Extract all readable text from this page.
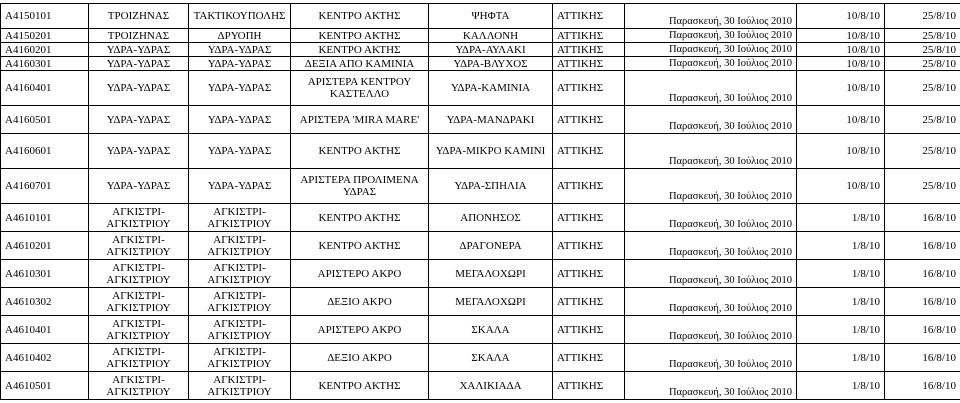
A4150101	ΤΡΟΙΖΗΝΑΣ	ΤΑΚΤΙΚΟΥΠΟΛΗΣ	ΚΕΝΤΡΟ ΑΚΤΗΣ	ΨΗΦΤΑ	ΑΤΤΙΚΗΣ	Παρασκευή, 30 Ιούλιος 2010	10/8/10	25/8/10
A4150201	ΤΡΟΙΖΗΝΑΣ	ΔΡΥΟΠΗ	ΚΕΝΤΡΟ ΑΚΤΗΣ	ΚΑΛΛΟΝΗ	ΑΤΤΙΚΗΣ	Παρασκευή, 30 Ιούλιος 2010	10/8/10	25/8/10
A4160201	ΥΔΡΑ-ΥΔΡΑΣ	ΥΔΡΑ-ΥΔΡΑΣ	ΚΕΝΤΡΟ ΑΚΤΗΣ	ΥΔΡΑ-ΑΥΛΑΚΙ	ΑΤΤΙΚΗΣ	Παρασκευή, 30 Ιούλιος 2010	10/8/10	25/8/10
A4160301	ΥΔΡΑ-ΥΔΡΑΣ	ΥΔΡΑ-ΥΔΡΑΣ	ΔΕΞΙΑ ΑΠΟ ΚΑΜΙΝΙΑ	ΥΔΡΑ-ΒΛΥΧΟΣ	ΑΤΤΙΚΗΣ	Παρασκευή, 30 Ιούλιος 2010	10/8/10	25/8/10
A4160401	ΥΔΡΑ-ΥΔΡΑΣ	ΥΔΡΑ-ΥΔΡΑΣ	ΑΡΙΣΤΕΡΑ ΚΕΝΤΡΟΥ ΚΑΣΤΕΛΛΟ	ΥΔΡΑ-ΚΑΜΙΝΙΑ	ΑΤΤΙΚΗΣ	Παρασκευή, 30 Ιούλιος 2010	10/8/10	25/8/10
A4160501	ΥΔΡΑ-ΥΔΡΑΣ	ΥΔΡΑ-ΥΔΡΑΣ	ΑΡΙΣΤΕΡΑ 'MIRA MARE'	ΥΔΡΑ-ΜΑΝΔΡΑΚΙ	ΑΤΤΙΚΗΣ	Παρασκευή, 30 Ιούλιος 2010	10/8/10	25/8/10
A4160601	ΥΔΡΑ-ΥΔΡΑΣ	ΥΔΡΑ-ΥΔΡΑΣ	ΚΕΝΤΡΟ ΑΚΤΗΣ	ΥΔΡΑ-ΜΙΚΡΟ ΚΑΜΙΝΙ	ΑΤΤΙΚΗΣ	Παρασκευή, 30 Ιούλιος 2010	10/8/10	25/8/10
A4160701	ΥΔΡΑ-ΥΔΡΑΣ	ΥΔΡΑ-ΥΔΡΑΣ	ΑΡΙΣΤΕΡΑ ΠΡΟΛΙΜΕΝΑ ΥΔΡΑΣ	ΥΔΡΑ-ΣΠΗΛΙΑ	ΑΤΤΙΚΗΣ	Παρασκευή, 30 Ιούλιος 2010	10/8/10	25/8/10
A4610101	ΑΓΚΙΣΤΡΙ-ΑΓΚΙΣΤΡΙΟΥ	ΑΓΚΙΣΤΡΙ-ΑΓΚΙΣΤΡΙΟΥ	ΚΕΝΤΡΟ ΑΚΤΗΣ	ΑΠΟΝΗΣΟΣ	ΑΤΤΙΚΗΣ	Παρασκευή, 30 Ιούλιος 2010	1/8/10	16/8/10
A4610201	ΑΓΚΙΣΤΡΙ-ΑΓΚΙΣΤΡΙΟΥ	ΑΓΚΙΣΤΡΙ-ΑΓΚΙΣΤΡΙΟΥ	ΚΕΝΤΡΟ ΑΚΤΗΣ	ΔΡΑΓΟΝΕΡΑ	ΑΤΤΙΚΗΣ	Παρασκευή, 30 Ιούλιος 2010	1/8/10	16/8/10
A4610301	ΑΓΚΙΣΤΡΙ-ΑΓΚΙΣΤΡΙΟΥ	ΑΓΚΙΣΤΡΙ-ΑΓΚΙΣΤΡΙΟΥ	ΑΡΙΣΤΕΡΟ ΑΚΡΟ	ΜΕΓΑΛΟΧΩΡΙ	ΑΤΤΙΚΗΣ	Παρασκευή, 30 Ιούλιος 2010	1/8/10	16/8/10
A4610302	ΑΓΚΙΣΤΡΙ-ΑΓΚΙΣΤΡΙΟΥ	ΑΓΚΙΣΤΡΙ-ΑΓΚΙΣΤΡΙΟΥ	ΔΕΞΙΟ ΑΚΡΟ	ΜΕΓΑΛΟΧΩΡΙ	ΑΤΤΙΚΗΣ	Παρασκευή, 30 Ιούλιος 2010	1/8/10	16/8/10
A4610401	ΑΓΚΙΣΤΡΙ-ΑΓΚΙΣΤΡΙΟΥ	ΑΓΚΙΣΤΡΙ-ΑΓΚΙΣΤΡΙΟΥ	ΑΡΙΣΤΕΡΟ ΑΚΡΟ	ΣΚΑΛΑ	ΑΤΤΙΚΗΣ	Παρασκευή, 30 Ιούλιος 2010	1/8/10	16/8/10
A4610402	ΑΓΚΙΣΤΡΙ-ΑΓΚΙΣΤΡΙΟΥ	ΑΓΚΙΣΤΡΙ-ΑΓΚΙΣΤΡΙΟΥ	ΔΕΞΙΟ ΑΚΡΟ	ΣΚΑΛΑ	ΑΤΤΙΚΗΣ	Παρασκευή, 30 Ιούλιος 2010	1/8/10	16/8/10
A4610501	ΑΓΚΙΣΤΡΙ-ΑΓΚΙΣΤΡΙΟΥ	ΑΓΚΙΣΤΡΙ-ΑΓΚΙΣΤΡΙΟΥ	ΚΕΝΤΡΟ ΑΚΤΗΣ	ΧΑΛΙΚΙΑΔΑ	ΑΤΤΙΚΗΣ	Παρασκευή, 30 Ιούλιος 2010	1/8/10	16/8/10
